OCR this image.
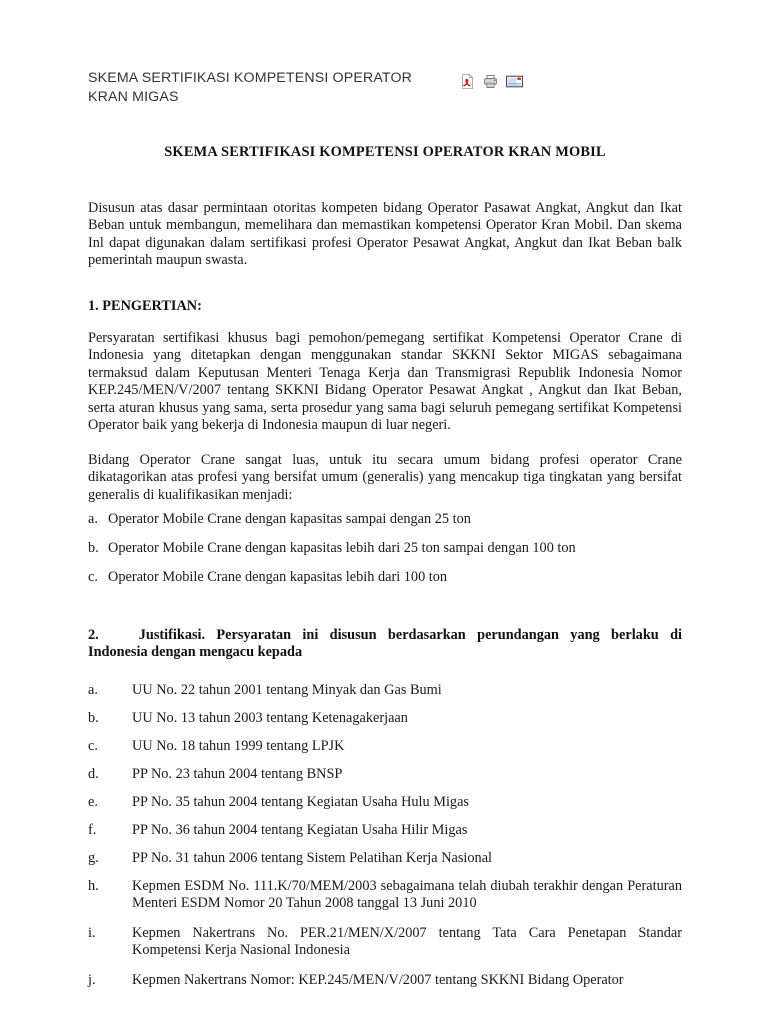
SKEMA SERTIFIKASI KOMPETENSI OPERATOR KRAN MIGAS
SKEMA SERTIFIKASI KOMPETENSI OPERATOR KRAN MOBIL
Disusun atas dasar permintaan otoritas kompeten bidang Operator Pasawat Angkat, Angkut dan Ikat Beban untuk membangun, memelihara dan memastikan kompetensi Operator Kran Mobil. Dan skema Inl dapat digunakan dalam sertifikasi profesi Operator Pesawat Angkat, Angkut dan Ikat Beban balk pemerintah maupun swasta.
1. PENGERTIAN:
Persyaratan sertifikasi khusus bagi pemohon/pemegang sertifikat Kompetensi Operator Crane di Indonesia yang ditetapkan dengan menggunakan standar SKKNI Sektor MIGAS sebagaimana termaksud dalam Keputusan Menteri Tenaga Kerja dan Transmigrasi Republik Indonesia Nomor KEP.245/MEN/V/2007 tentang SKKNI Bidang Operator Pesawat Angkat , Angkut dan Ikat Beban, serta aturan khusus yang sama, serta prosedur yang sama bagi seluruh pemegang sertifikat Kompetensi Operator baik yang bekerja di Indonesia maupun di luar negeri.
Bidang Operator Crane sangat luas, untuk itu secara umum bidang profesi operator Crane dikatagorikan atas profesi yang bersifat umum (generalis) yang mencakup tiga tingkatan yang bersifat generalis di kualifikasikan menjadi:
a. Operator Mobile Crane dengan kapasitas sampai dengan 25 ton
b. Operator Mobile Crane dengan kapasitas lebih dari 25 ton sampai dengan 100 ton
c. Operator Mobile Crane dengan kapasitas lebih dari 100 ton
2.	Justifikasi. Persyaratan ini disusun berdasarkan perundangan yang berlaku di Indonesia dengan mengacu kepada
a.	UU No. 22 tahun 2001 tentang Minyak dan Gas Bumi
b.	UU No. 13 tahun 2003 tentang Ketenagakerjaan
c.	UU No. 18 tahun 1999 tentang LPJK
d.	PP No. 23 tahun 2004 tentang BNSP
e.	PP No. 35 tahun 2004 tentang Kegiatan Usaha Hulu Migas
f.	PP No. 36 tahun 2004 tentang Kegiatan Usaha Hilir Migas
g.	PP No. 31 tahun 2006 tentang Sistem Pelatihan Kerja Nasional
h.	Kepmen ESDM No. 111.K/70/MEM/2003 sebagaimana telah diubah terakhir dengan Peraturan Menteri ESDM Nomor 20 Tahun 2008 tanggal 13 Juni 2010
i.	Kepmen Nakertrans No. PER.21/MEN/X/2007 tentang Tata Cara Penetapan Standar Kompetensi Kerja Nasional Indonesia
j.	Kepmen Nakertrans Nomor: KEP.245/MEN/V/2007 tentang SKKNI Bidang Operator
